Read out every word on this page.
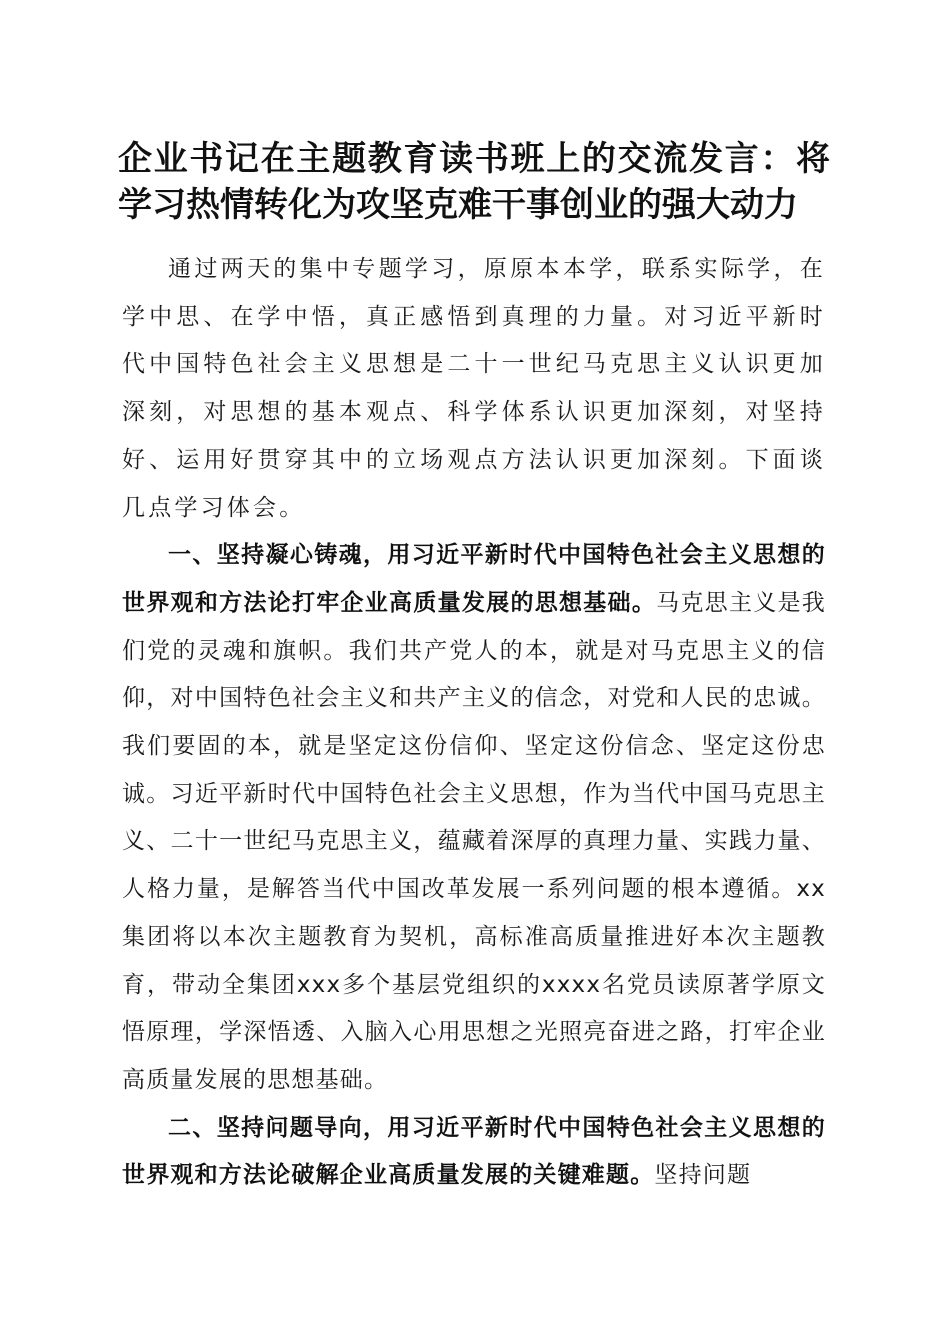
企业书记在主题教育读书班上的交流发言：将学习热情转化为攻坚克难干事创业的强大动力

通过两天的集中专题学习，原原本本学，联系实际学，在学中思、在学中悟，真正感悟到真理的力量。对习近平新时代中国特色社会主义思想是二十一世纪马克思主义认识更加深刻，对思想的基本观点、科学体系认识更加深刻，对坚持好、运用好贯穿其中的立场观点方法认识更加深刻。下面谈几点学习体会。

一、坚持凝心铸魂，用习近平新时代中国特色社会主义思想的世界观和方法论打牢企业高质量发展的思想基础。马克思主义是我们党的灵魂和旗帜。我们共产党人的本，就是对马克思主义的信仰，对中国特色社会主义和共产主义的信念，对党和人民的忠诚。我们要固的本，就是坚定这份信仰、坚定这份信念、坚定这份忠诚。习近平新时代中国特色社会主义思想，作为当代中国马克思主义、二十一世纪马克思主义，蕴藏着深厚的真理力量、实践力量、人格力量，是解答当代中国改革发展一系列问题的根本遵循。xx集团将以本次主题教育为契机，高标准高质量推进好本次主题教育，带动全集团xxx多个基层党组织的xxxx名党员读原著学原文悟原理，学深悟透、入脑入心用思想之光照亮奋进之路，打牢企业高质量发展的思想基础。

二、坚持问题导向，用习近平新时代中国特色社会主义思想的世界观和方法论破解企业高质量发展的关键难题。坚持问题
